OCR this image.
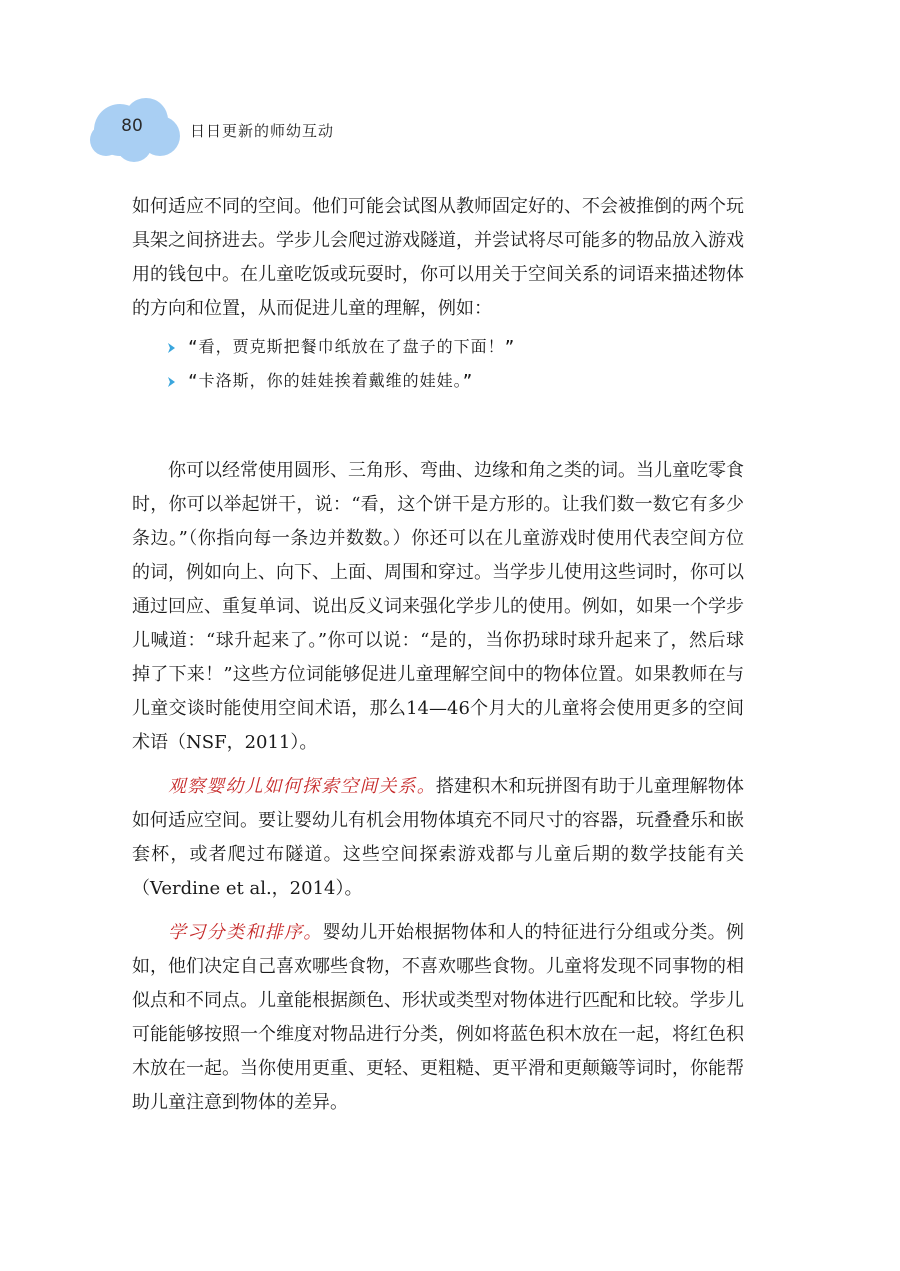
80	日日更新的师幼互动

如何适应不同的空间。他们可能会试图从教师固定好的、不会被推倒的两个玩具架之间挤进去。学步儿会爬过游戏隧道，并尝试将尽可能多的物品放入游戏用的钱包中。在儿童吃饭或玩耍时，你可以用关于空间关系的词语来描述物体的方向和位置，从而促进儿童的理解，例如：

“看，贾克斯把餐巾纸放在了盘子的下面！”
“卡洛斯，你的娃娃挨着戴维的娃娃。”

你可以经常使用圆形、三角形、弯曲、边缘和角之类的词。当儿童吃零食时，你可以举起饼干，说：“看，这个饼干是方形的。让我们数一数它有多少条边。”（你指向每一条边并数数。）你还可以在儿童游戏时使用代表空间方位的词，例如向上、向下、上面、周围和穿过。当学步儿使用这些词时，你可以通过回应、重复单词、说出反义词来强化学步儿的使用。例如，如果一个学步儿喊道：“球升起来了。”你可以说：“是的，当你扔球时球升起来了，然后球掉了下来！”这些方位词能够促进儿童理解空间中的物体位置。如果教师在与儿童交谈时能使用空间术语，那么14—46个月大的儿童将会使用更多的空间术语（NSF，2011）。

观察婴幼儿如何探索空间关系。搭建积木和玩拼图有助于儿童理解物体如何适应空间。要让婴幼儿有机会用物体填充不同尺寸的容器，玩叠叠乐和嵌套杯，或者爬过布隧道。这些空间探索游戏都与儿童后期的数学技能有关（Verdine et al.，2014）。

学习分类和排序。婴幼儿开始根据物体和人的特征进行分组或分类。例如，他们决定自己喜欢哪些食物，不喜欢哪些食物。儿童将发现不同事物的相似点和不同点。儿童能根据颜色、形状或类型对物体进行匹配和比较。学步儿可能能够按照一个维度对物品进行分类，例如将蓝色积木放在一起，将红色积木放在一起。当你使用更重、更轻、更粗糙、更平滑和更颠簸等词时，你能帮助儿童注意到物体的差异。
